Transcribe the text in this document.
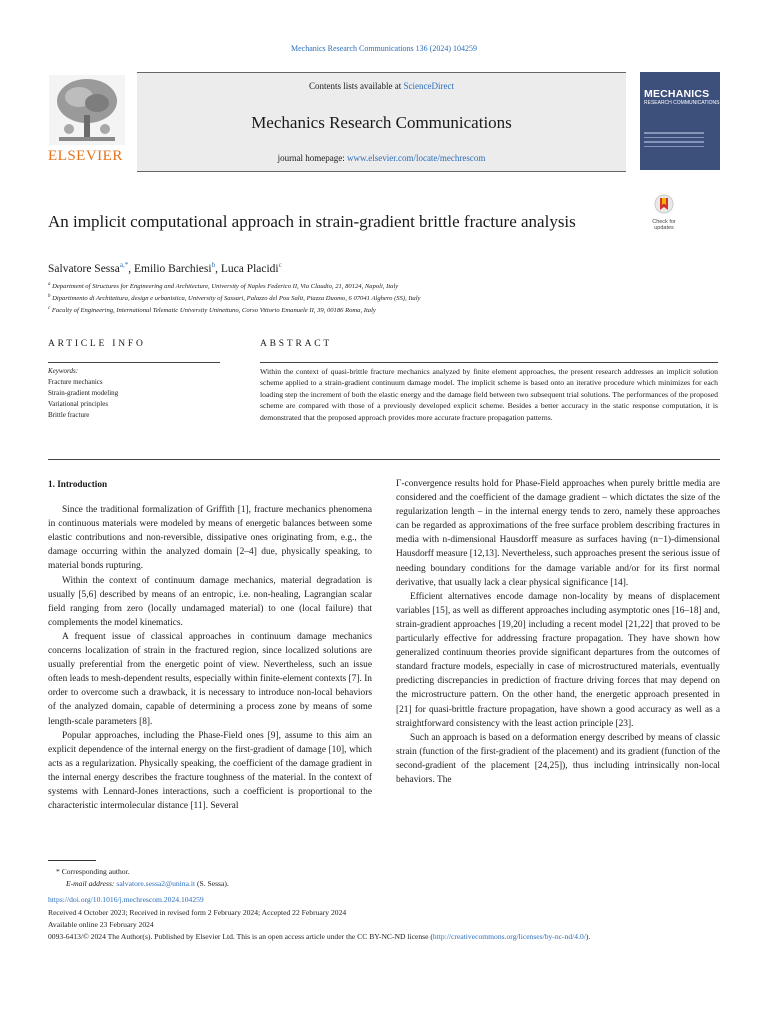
Mechanics Research Communications 136 (2024) 104259
ELSEVIER
Contents lists available at ScienceDirect
Mechanics Research Communications
journal homepage: www.elsevier.com/locate/mechrescom
MECHANICS
RESEARCH COMMUNICATIONS
An implicit computational approach in strain-gradient brittle fracture analysis	Check for updates
Salvatore Sessa$^{a,*}$, Emilio Barchiesi$^b$, Luca Placidi$^c$
$^a$ Department of Structures for Engineering and Architecture, University of Naples Federico II, Via Claudio, 21, 80124, Napoli, Italy
$^b$ Dipartimento di Architettura, design e urbanistica, University of Sassari, Palazzo del Pou Salit, Piazza Duomo, 6 07041 Alghero (SS), Italy
$^c$ Faculty of Engineering, International Telematic University Uninettuno, Corso Vittorio Emanuele II, 39, 00186 Roma, Italy
ARTICLE INFO	ABSTRACT
Keywords:
Fracture mechanics
Strain-gradient modeling
Variational principles
Brittle fracture
Within the context of quasi-brittle fracture mechanics analyzed by finite element approaches, the present research addresses an implicit solution scheme applied to a strain-gradient continuum damage model. The implicit scheme is based onto an iterative procedure which minimizes for each loading step the increment of both the elastic energy and the damage field between two subsequent trial solutions. The performances of the proposed scheme are compared with those of a previously developed explicit scheme. Besides a better accuracy in the static response computation, it is demonstrated that the proposed approach provides more accurate fracture propagation patterns.
1. Introduction

Since the traditional formalization of Griffith [1], fracture mechanics phenomena in continuous materials were modeled by means of energetic balances between some elastic contributions and non-reversible, dissipative ones originating from, e.g., the damage occurring within the analyzed domain [2–4] due, physically speaking, to material bonds rupturing.

Within the context of continuum damage mechanics, material degradation is usually [5,6] described by means of an entropic, i.e. non-healing, Lagrangian scalar field ranging from zero (locally undamaged material) to one (local failure) that complements the model kinematics.

A frequent issue of classical approaches in continuum damage mechanics concerns localization of strain in the fractured region, since localized solutions are usually preferential from the energetic point of view. Nevertheless, such an issue often leads to mesh-dependent results, especially within finite-element contexts [7]. In order to overcome such a drawback, it is necessary to introduce non-local behaviors of the analyzed domain, capable of determining a process zone by means of some length-scale parameters [8].

Popular approaches, including the Phase-Field ones [9], assume to this aim an explicit dependence of the internal energy on the first-gradient of damage [10], which acts as a regularization. Physically speaking, the coefficient of the damage gradient in the internal energy describes the fracture toughness of the material. In the context of systems with Lennard-Jones interactions, such a coefficient is proportional to the characteristic intermolecular distance [11]. Several

Γ-convergence results hold for Phase-Field approaches when purely brittle media are considered and the coefficient of the damage gradient – which dictates the size of the regularization length – in the internal energy tends to zero, namely these approaches can be regarded as approximations of the free surface problem describing fractures in media with n-dimensional Hausdorff measure as surfaces having (n−1)-dimensional Hausdorff measure [12,13]. Nevertheless, such approaches present the serious issue of needing boundary conditions for the damage variable and/or for its first normal derivative, that usually lack a clear physical significance [14].

Efficient alternatives encode damage non-locality by means of displacement variables [15], as well as different approaches including asymptotic ones [16–18] and, strain-gradient approaches [19,20] including a recent model [21,22] that proved to be particularly effective for addressing fracture propagation. They have shown how generalized continuum theories provide significant departures from the outcomes of standard fracture models, especially in case of microstructured materials, eventually predicting discrepancies in prediction of fracture driving forces that may depend on the microstructure pattern. On the other hand, the energetic approach presented in [21] for quasi-brittle fracture propagation, have shown a good accuracy as well as a straightforward consistency with the least action principle [23].

Such an approach is based on a deformation energy described by means of classic strain (function of the first-gradient of the placement) and its gradient (function of the second-gradient of the placement [24,25]), thus including intrinsically non-local behaviors. The

* Corresponding author.
E-mail address: salvatore.sessa2@unina.it (S. Sessa).
https://doi.org/10.1016/j.mechrescom.2024.104259
Received 4 October 2023; Received in revised form 2 February 2024; Accepted 22 February 2024
Available online 23 February 2024
0093-6413/© 2024 The Author(s). Published by Elsevier Ltd. This is an open access article under the CC BY-NC-ND license (http://creativecommons.org/licenses/by-nc-nd/4.0/).
